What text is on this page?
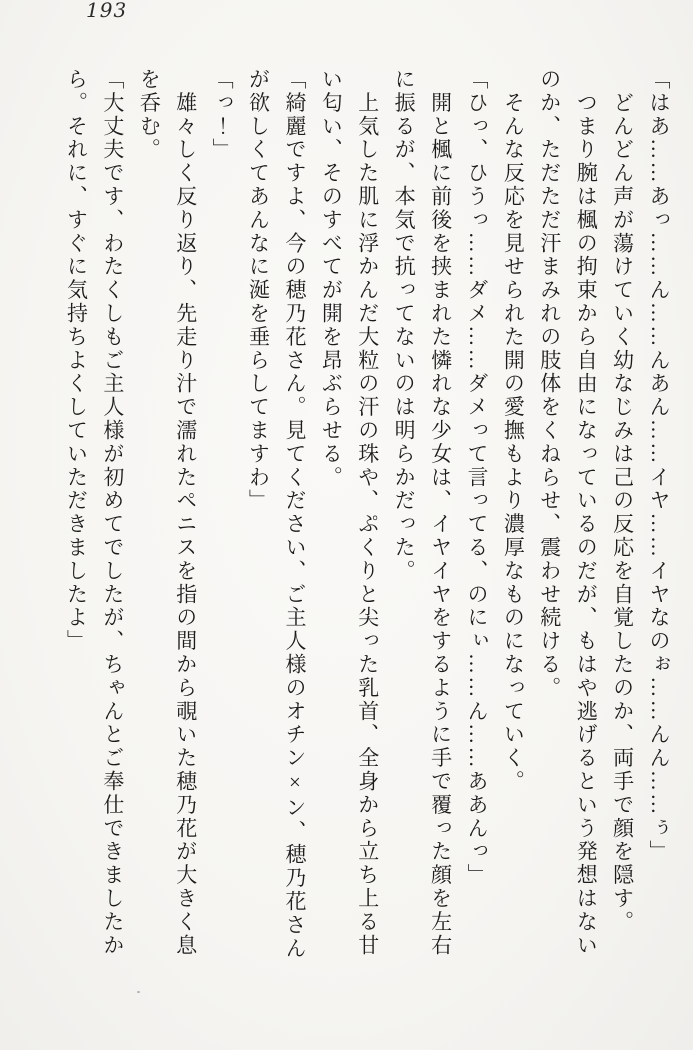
193
「はあ……あっ……ん……んあん……イヤ……イヤなのぉ……んん……ぅ」
　どんどん声が蕩けていく幼なじみは己の反応を自覚したのか、両手で顔を隠す。
　つまり腕は楓の拘束から自由になっているのだが、もはや逃げるという発想はない
のか、ただただ汗まみれの肢体をくねらせ、震わせ続ける。
　そんな反応を見せられた開の愛撫もより濃厚なものになっていく。
「ひっ、ひうっ……ダメ……ダメって言ってる、のにぃ……ん……ああんっ」
　開と楓に前後を挟まれた憐れな少女は、イヤイヤをするように手で覆った顔を左右
に振るが、本気で抗ってないのは明らかだった。
　上気した肌に浮かんだ大粒の汗の珠や、ぷくりと尖った乳首、全身から立ち上る甘
い匂い、そのすべてが開を昂ぶらせる。
「綺麗ですよ、今の穂乃花さん。見てください、ご主人様のオチン×ン、穂乃花さん
が欲しくてあんなに涎を垂らしてますわ」
「っ！」
　雄々しく反り返り、先走り汁で濡れたペニスを指の間から覗いた穂乃花が大きく息
を呑む。
「大丈夫です、わたくしもご主人様が初めてでしたが、ちゃんとご奉仕できましたか
ら。それに、すぐに気持ちよくしていただきましたよ」
